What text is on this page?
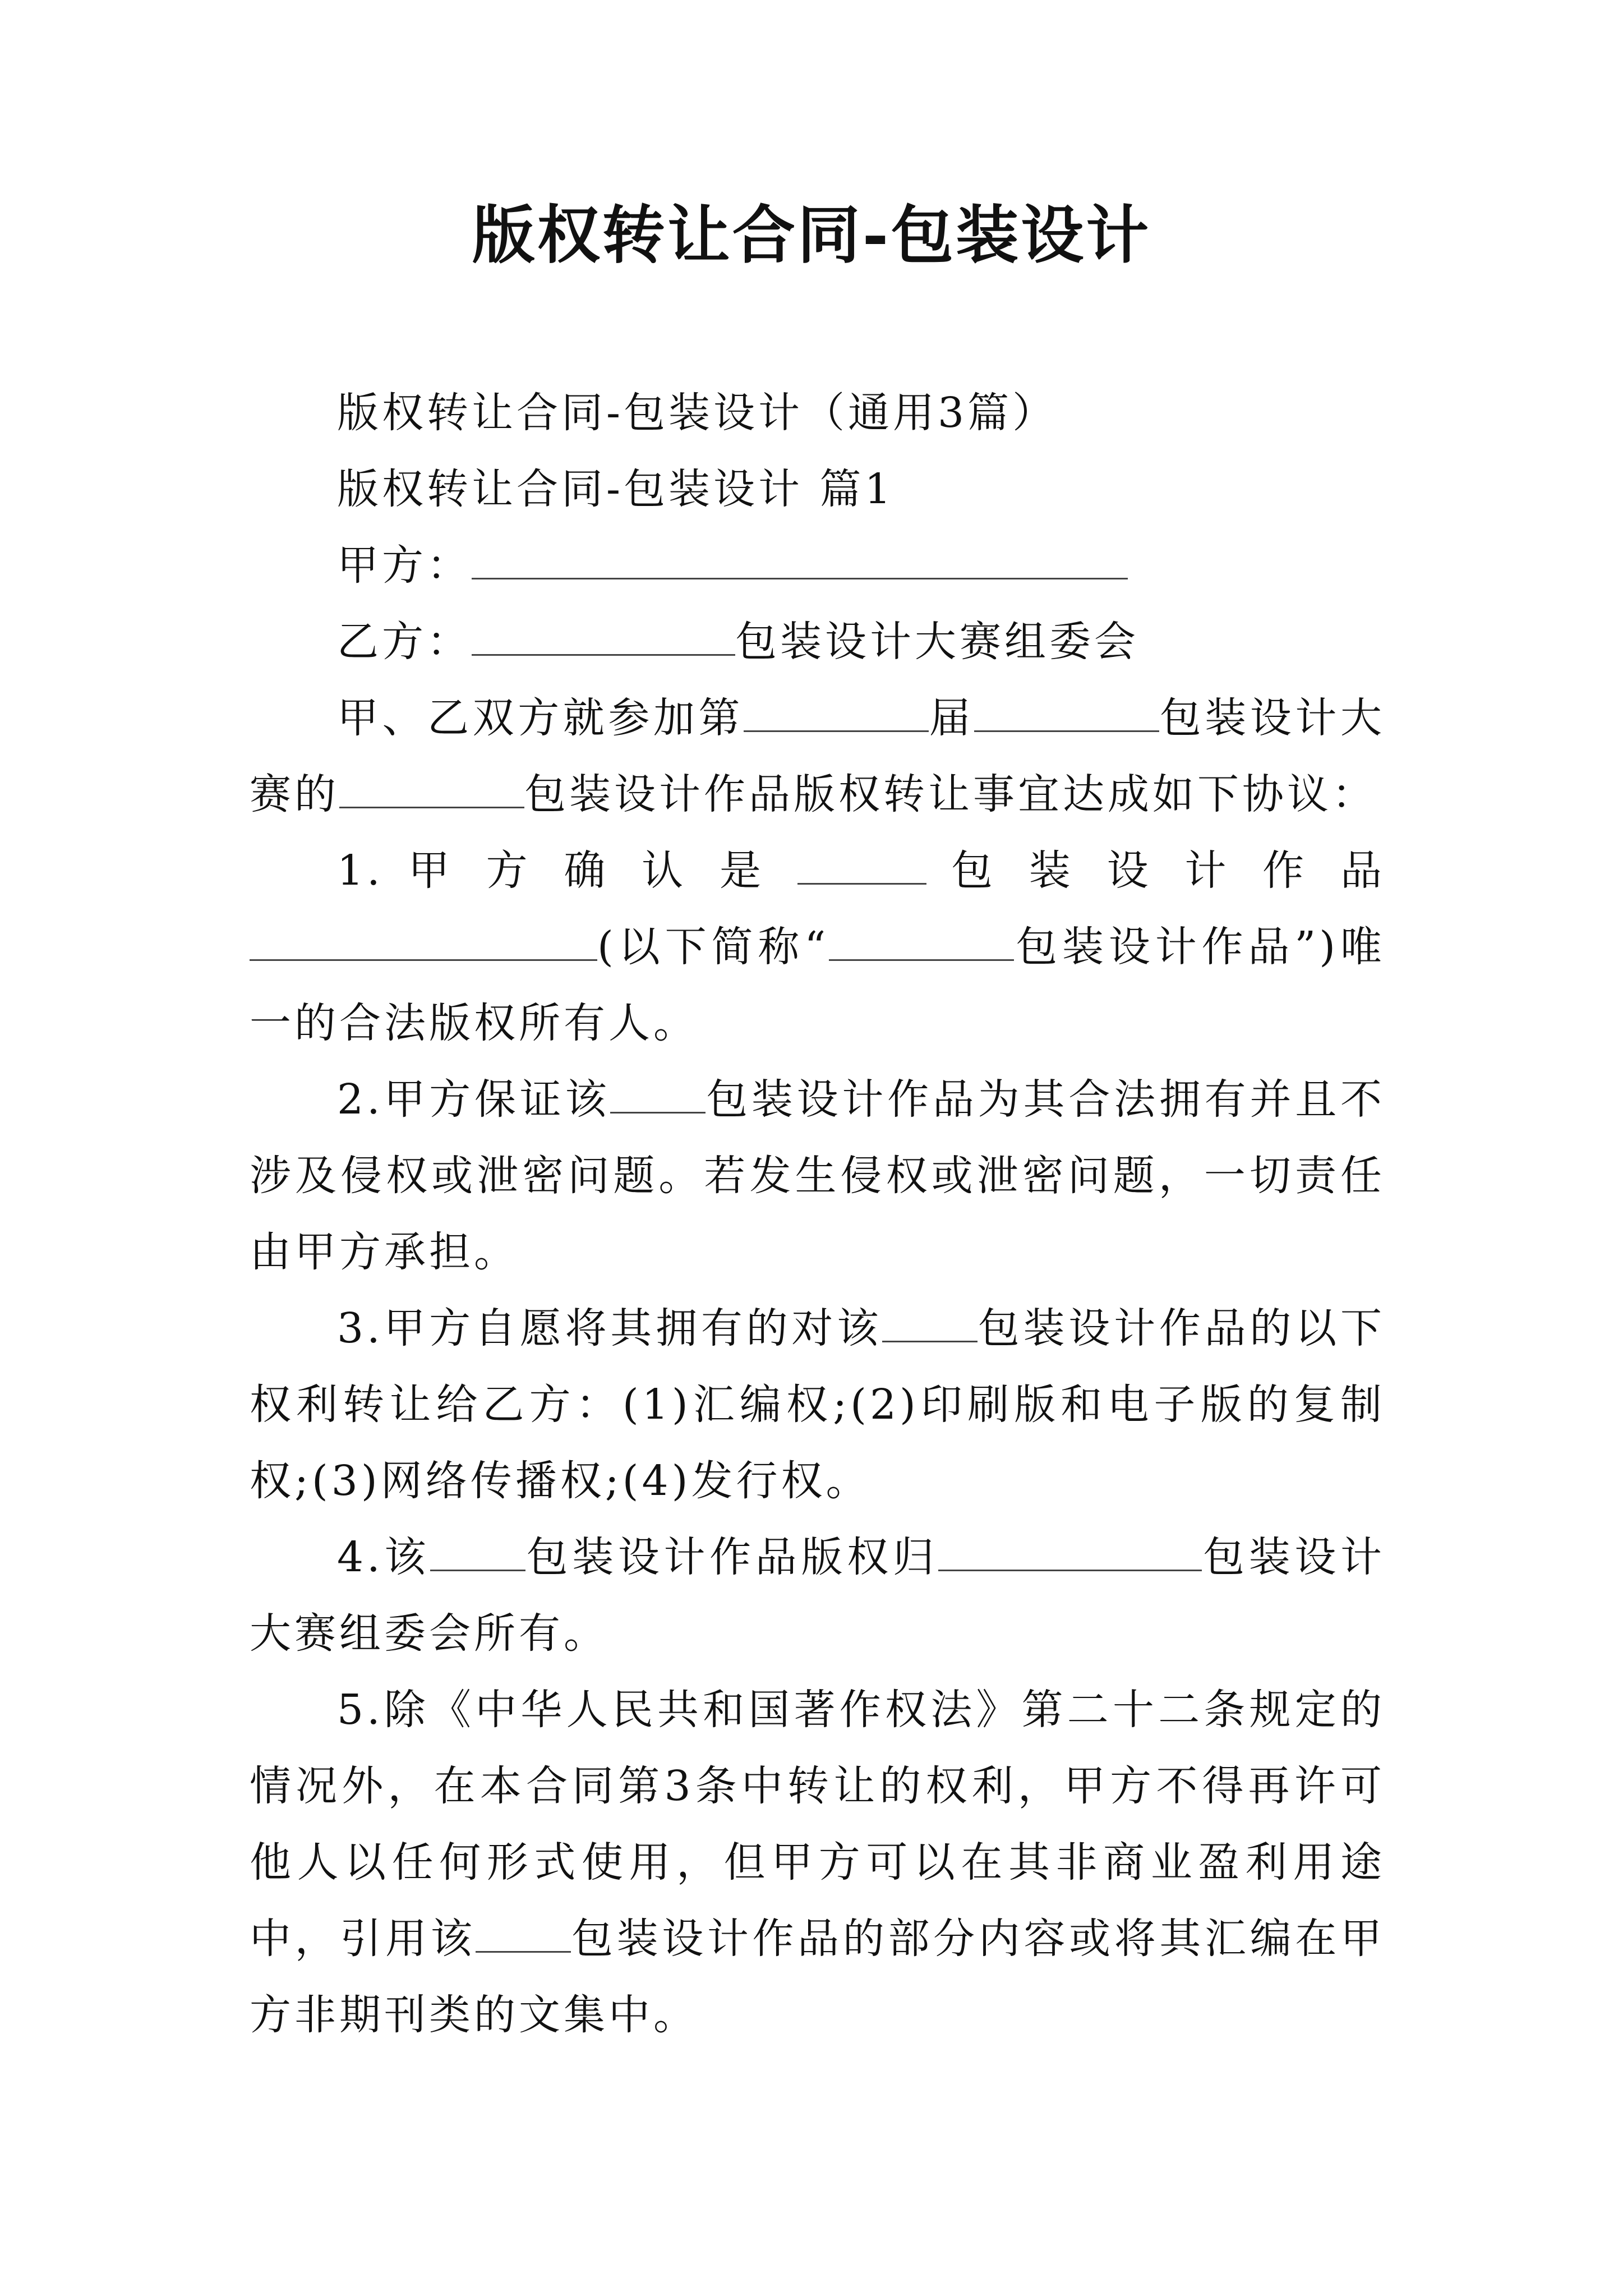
版权转让合同-包装设计

版权转让合同-包装设计（通用3篇）

版权转让合同-包装设计 篇1

甲方：

乙方：	包装设计大赛组委会

甲、乙双方就参加第	届	包装设计大赛的	包装设计作品版权转让事宜达成如下协议：

1. 甲 方 确 认 是	包 装 设 计 作 品(以下简称“	包装设计作品”)唯一的合法版权所有人。

2.甲方保证该 包装设计作品为其合法拥有并且不涉及侵权或泄密问题。若发生侵权或泄密问题，一切责任由甲方承担。

3.甲方自愿将其拥有的对该 包装设计作品的以下权利转让给乙方：(1)汇编权;(2)印刷版和电子版的复制权;(3)网络传播权;(4)发行权。

4.该 包装设计作品版权归	包装设计大赛组委会所有。

5.除《中华人民共和国著作权法》第二十二条规定的情况外，在本合同第3条中转让的权利，甲方不得再许可他人以任何形式使用，但甲方可以在其非商业盈利用途中，引用该 包装设计作品的部分内容或将其汇编在甲方非期刊类的文集中。
